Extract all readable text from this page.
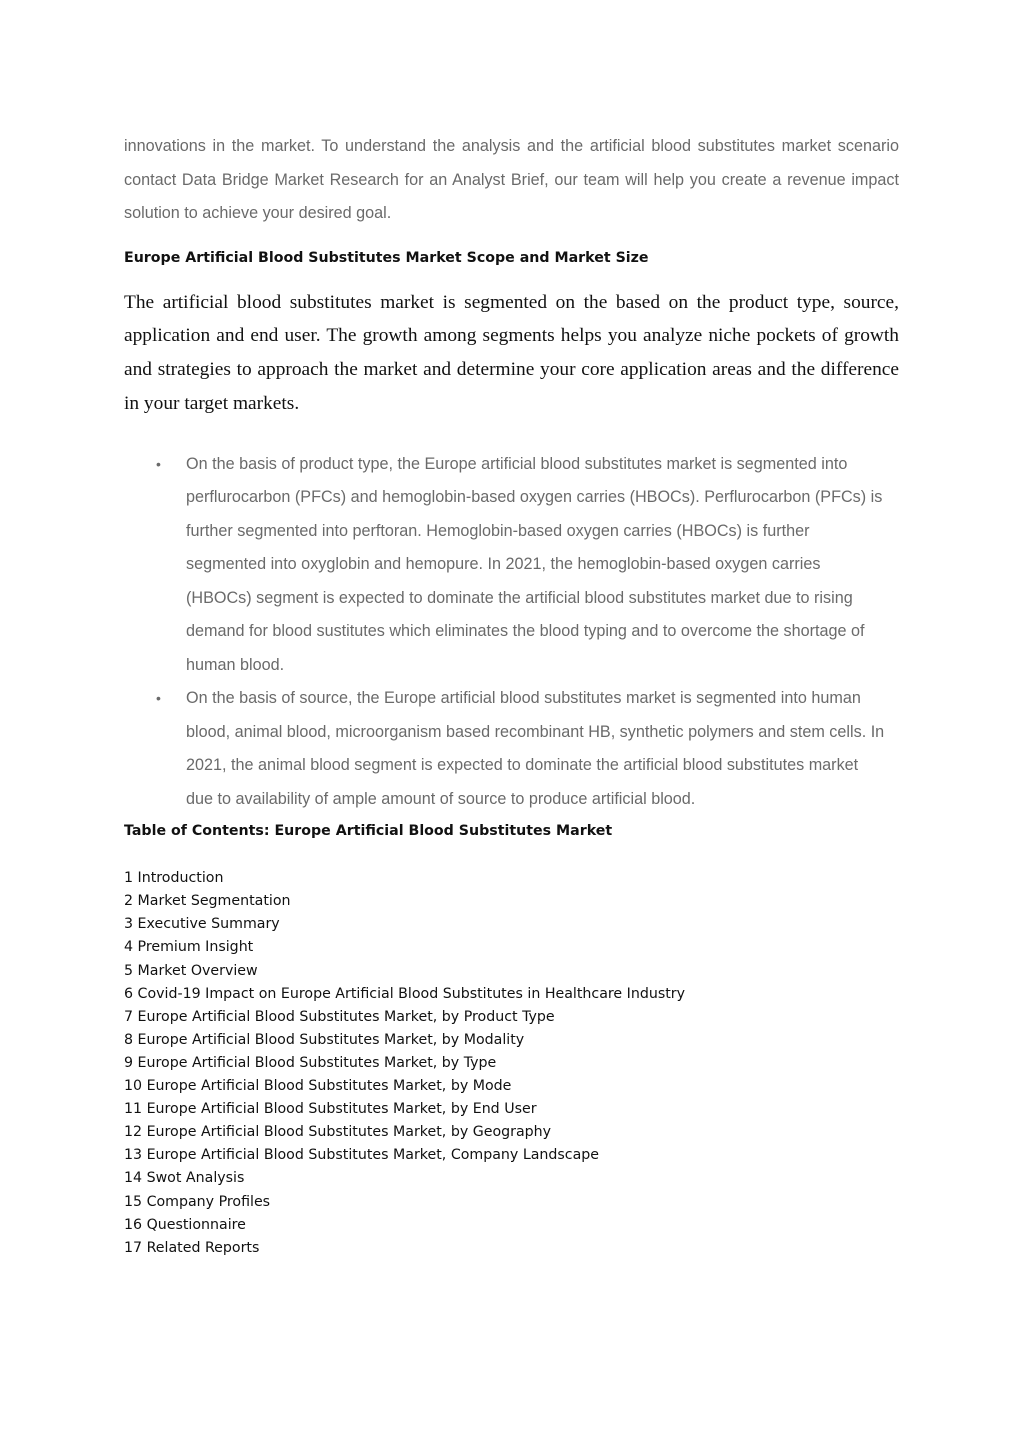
innovations in the market. To understand the analysis and the artificial blood substitutes market scenario contact Data Bridge Market Research for an Analyst Brief, our team will help you create a revenue impact solution to achieve your desired goal.

Europe Artificial Blood Substitutes Market Scope and Market Size

The artificial blood substitutes market is segmented on the based on the product type, source, application and end user. The growth among segments helps you analyze niche pockets of growth and strategies to approach the market and determine your core application areas and the difference in your target markets.

• On the basis of product type, the Europe artificial blood substitutes market is segmented into perflurocarbon (PFCs) and hemoglobin-based oxygen carries (HBOCs). Perflurocarbon (PFCs) is further segmented into perftoran. Hemoglobin-based oxygen carries (HBOCs) is further segmented into oxyglobin and hemopure. In 2021, the hemoglobin-based oxygen carries (HBOCs) segment is expected to dominate the artificial blood substitutes market due to rising demand for blood sustitutes which eliminates the blood typing and to overcome the shortage of human blood.
• On the basis of source, the Europe artificial blood substitutes market is segmented into human blood, animal blood, microorganism based recombinant HB, synthetic polymers and stem cells. In 2021, the animal blood segment is expected to dominate the artificial blood substitutes market due to availability of ample amount of source to produce artificial blood.
Table of Contents: Europe Artificial Blood Substitutes Market
1 Introduction
2 Market Segmentation
3 Executive Summary
4 Premium Insight
5 Market Overview
6 Covid-19 Impact on Europe Artificial Blood Substitutes in Healthcare Industry
7 Europe Artificial Blood Substitutes Market, by Product Type
8 Europe Artificial Blood Substitutes Market, by Modality
9 Europe Artificial Blood Substitutes Market, by Type
10 Europe Artificial Blood Substitutes Market, by Mode
11 Europe Artificial Blood Substitutes Market, by End User
12 Europe Artificial Blood Substitutes Market, by Geography
13 Europe Artificial Blood Substitutes Market, Company Landscape
14 Swot Analysis
15 Company Profiles
16 Questionnaire
17 Related Reports
